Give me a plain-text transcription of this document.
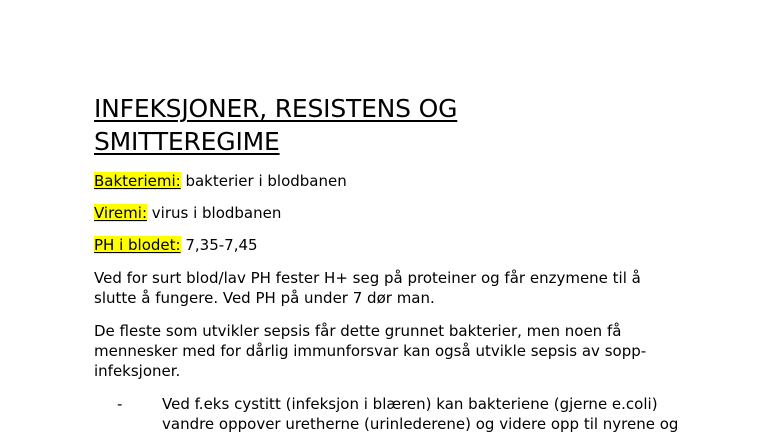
INFEKSJONER, RESISTENS OG
SMITTEREGIME

Bakteriemi: bakterier i blodbanen

Viremi: virus i blodbanen

PH i blodet: 7,35-7,45

Ved for surt blod/lav PH fester H+ seg på proteiner og får enzymene til å
slutte å fungere. Ved PH på under 7 dør man.

De fleste som utvikler sepsis får dette grunnet bakterier, men noen få
mennesker med for dårlig immunforsvar kan også utvikle sepsis av sopp-
infeksjoner.

-	Ved f.eks cystitt (infeksjon i blæren) kan bakteriene (gjerne e.coli)
vandre oppover uretherne (urinlederene) og videre opp til nyrene og
